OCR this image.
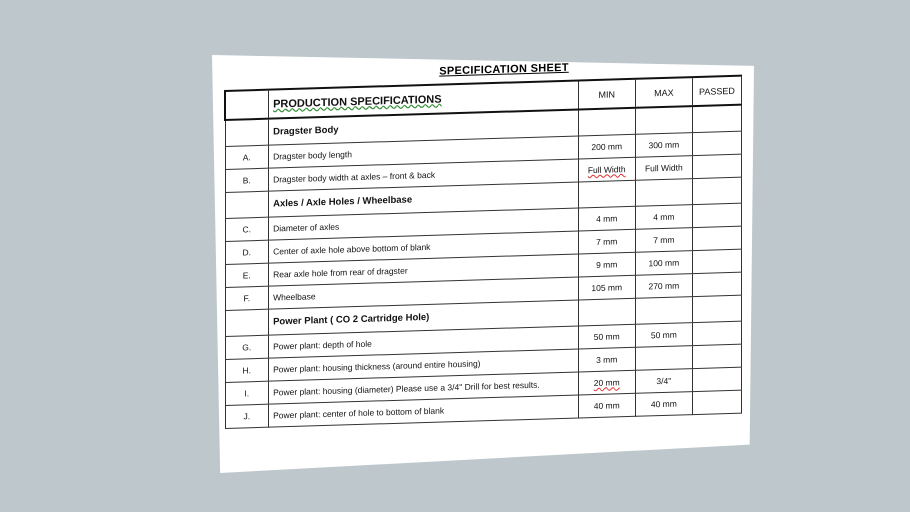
SPECIFICATION SHEET
	PRODUCTION SPECIFICATIONS	MIN	MAX	PASSED
	Dragster Body			
A.	Dragster body length	200 mm	300 mm	
B.	Dragster body width at axles – front & back	Full Width	Full Width	
	Axles / Axle Holes / Wheelbase			
C.	Diameter of axles	4 mm	4 mm	
D.	Center of axle hole above bottom of blank	7 mm	7 mm	
E.	Rear axle hole from rear of dragster	9 mm	100 mm	
F.	Wheelbase	105 mm	270 mm	
	Power Plant ( CO 2 Cartridge Hole)			
G.	Power plant: depth of hole	50 mm	50 mm	
H.	Power plant: housing thickness (around entire housing)	3 mm		
I.	Power plant: housing (diameter) Please use a 3/4" Drill for best results.	20 mm	3/4"	
J.	Power plant: center of hole to bottom of blank	40 mm	40 mm	
